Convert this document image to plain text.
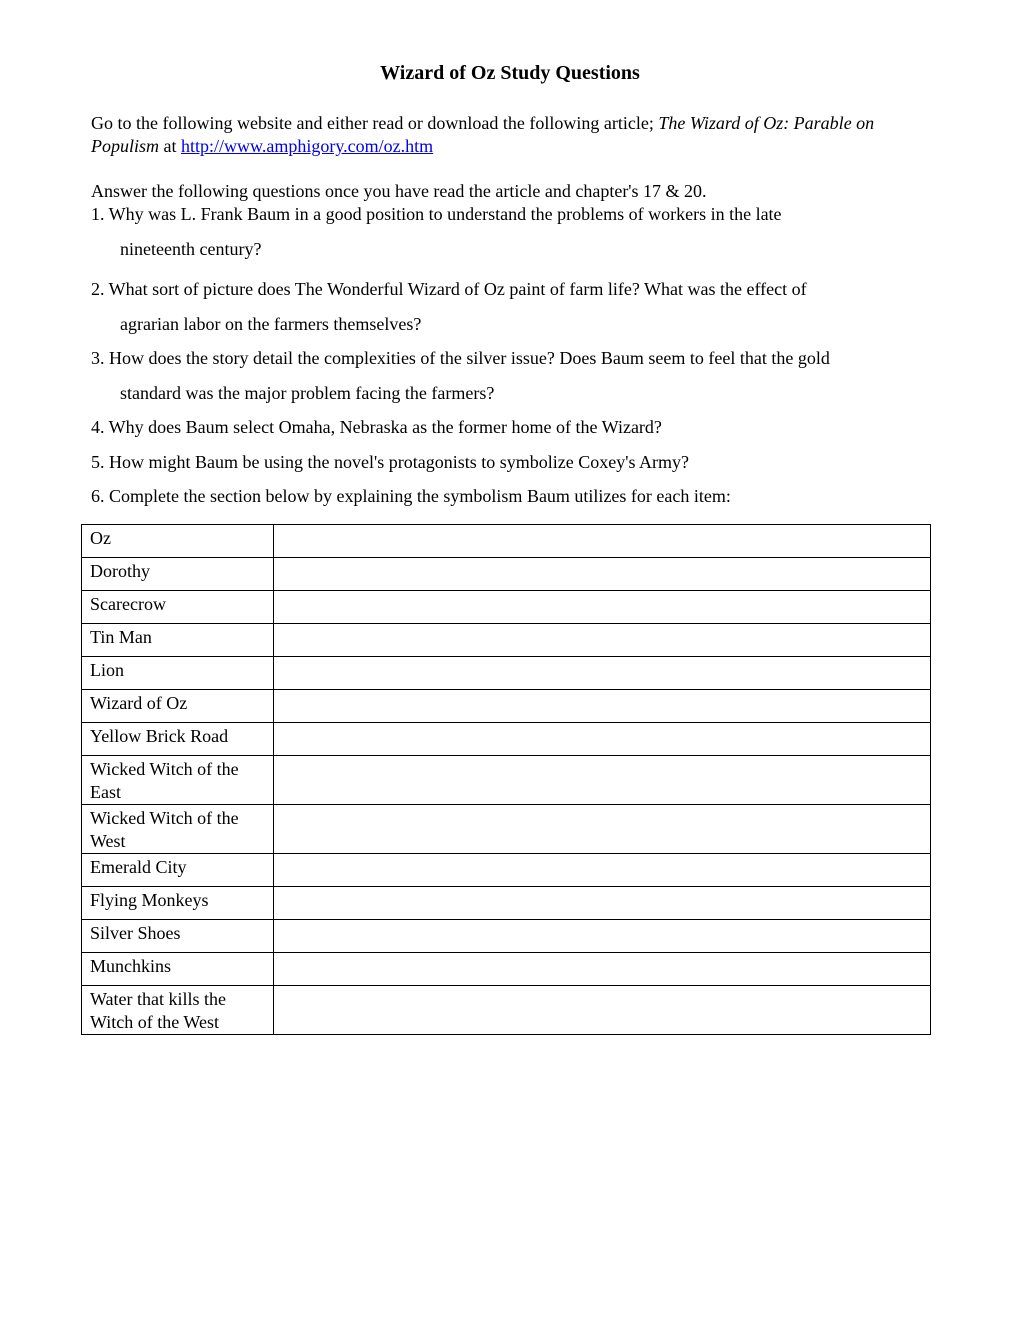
Wizard of Oz Study Questions
Go to the following website and either read or download the following article; The Wizard of Oz: Parable on Populism at http://www.amphigory.com/oz.htm
Answer the following questions once you have read the article and chapter's 17 & 20.
1. Why was L. Frank Baum in a good position to understand the problems of workers in the late
nineteenth century?
2. What sort of picture does The Wonderful Wizard of Oz paint of farm life? What was the effect of
agrarian labor on the farmers themselves?
3. How does the story detail the complexities of the silver issue? Does Baum seem to feel that the gold
standard was the major problem facing the farmers?
4. Why does Baum select Omaha, Nebraska as the former home of the Wizard?
5. How might Baum be using the novel's protagonists to symbolize Coxey's Army?
6. Complete the section below by explaining the symbolism Baum utilizes for each item:
Oz	
Dorothy	
Scarecrow	
Tin Man	
Lion	
Wizard of Oz	
Yellow Brick Road	
Wicked Witch of the East	
Wicked Witch of the West	
Emerald City	
Flying Monkeys	
Silver Shoes	
Munchkins	
Water that kills the Witch of the West	
